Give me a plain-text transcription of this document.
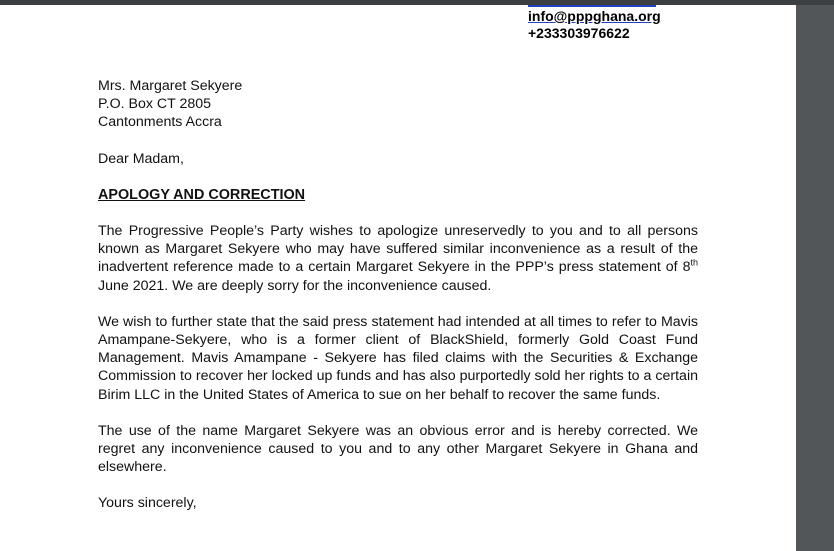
info@pppghana.org
+233303976622

Mrs. Margaret Sekyere

P.O. Box CT 2805

Cantonments Accra

Dear Madam,

APOLOGY AND CORRECTION

The Progressive People’s Party wishes to apologize unreservedly to you and to all persons known as Margaret Sekyere who may have suffered similar inconvenience as a result of the inadvertent reference made to a certain Margaret Sekyere in the PPP’s press statement of 8th June 2021. We are deeply sorry for the inconvenience caused.

We wish to further state that the said press statement had intended at all times to refer to Mavis Amampane-Sekyere, who is a former client of BlackShield, formerly Gold Coast Fund Management. Mavis Amampane - Sekyere has filed claims with the Securities & Exchange Commission to recover her locked up funds and has also purportedly sold her rights to a certain Birim LLC in the United States of America to sue on her behalf to recover the same funds.

The use of the name Margaret Sekyere was an obvious error and is hereby corrected. We regret any inconvenience caused to you and to any other Margaret Sekyere in Ghana and elsewhere.

Yours sincerely,
